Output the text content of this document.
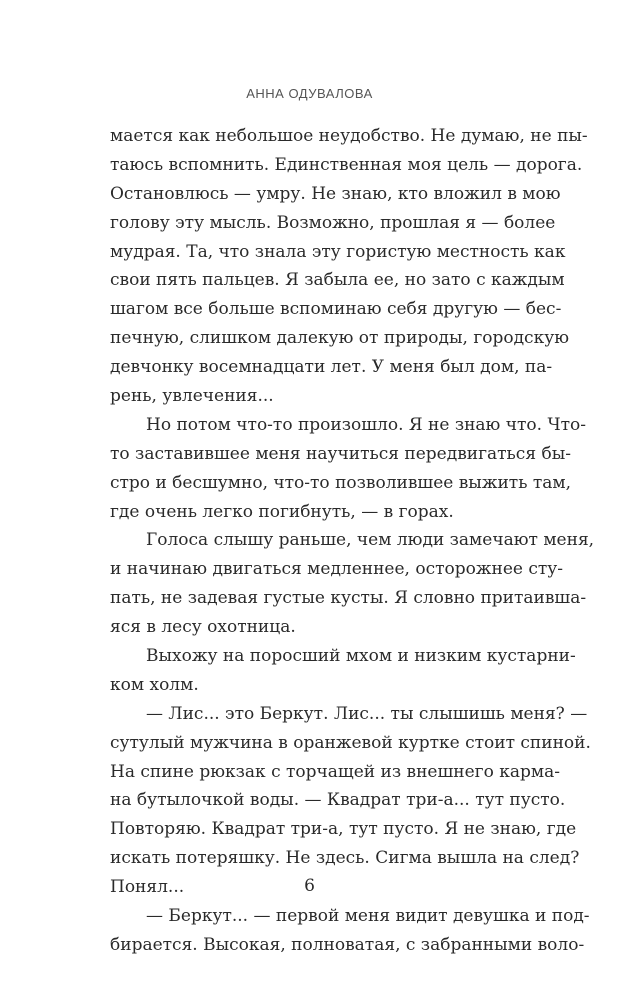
АННА ОДУВАЛОВА
мается как небольшое неудобство. Не думаю, не пы-
таюсь вспомнить. Единственная моя цель — дорога.
Остановлюсь — умру. Не знаю, кто вложил в мою
голову эту мысль. Возможно, прошлая я — более
мудрая. Та, что знала эту гористую местность как
свои пять пальцев. Я забыла ее, но зато с каждым
шагом все больше вспоминаю себя другую — бес-
печную, слишком далекую от природы, городскую
девчонку восемнадцати лет. У меня был дом, па-
рень, увлечения...
Но потом что-то произошло. Я не знаю что. Что-
то заставившее меня научиться передвигаться бы-
стро и бесшумно, что-то позволившее выжить там,
где очень легко погибнуть, — в горах.
Голоса слышу раньше, чем люди замечают меня,
и начинаю двигаться медленнее, осторожнее сту-
пать, не задевая густые кусты. Я словно притаивша-
яся в лесу охотница.
Выхожу на поросший мхом и низким кустарни-
ком холм.
— Лис... это Беркут. Лис... ты слышишь меня? —
сутулый мужчина в оранжевой куртке стоит спиной.
На спине рюкзак с торчащей из внешнего карма-
на бутылочкой воды. — Квадрат три-а... тут пусто.
Повторяю. Квадрат три-а, тут пусто. Я не знаю, где
искать потеряшку. Не здесь. Сигма вышла на след?
Понял...
— Беркут... — первой меня видит девушка и под-
бирается. Высокая, полноватая, с забранными воло-
6
